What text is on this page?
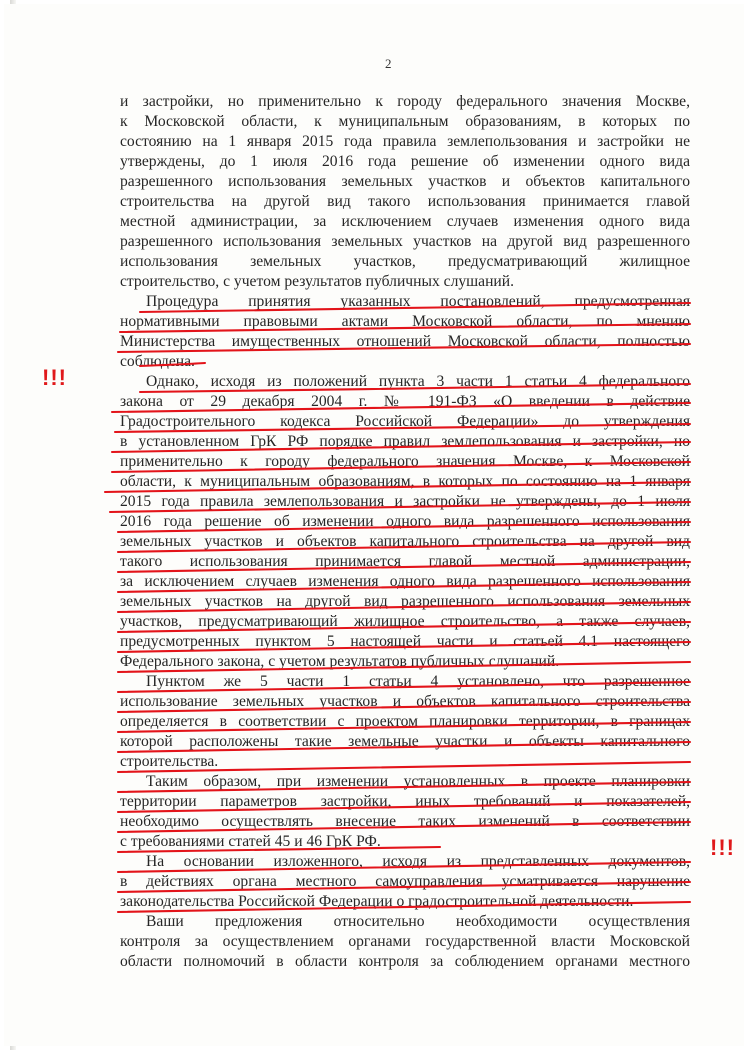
2
!!!
!!!
и застройки, но применительно к городу федерального значения Москве,
к Московской области, к муниципальным образованиям, в которых по
состоянию на 1 января 2015 года правила землепользования и застройки не
утверждены, до 1 июля 2016 года решение об изменении одного вида
разрешенного использования земельных участков и объектов капитального
строительства на другой вид такого использования принимается главой
местной администрации, за исключением случаев изменения одного вида
разрешенного использования земельных участков на другой вид разрешенного
использования земельных участков, предусматривающий жилищное
строительство, с учетом результатов публичных слушаний.
Процедура принятия указанных постановлений, предусмотренная
нормативными правовыми актами Московской области, по мнению
Министерства имущественных отношений Московской области, полностью
соблюдена.
Однако, исходя из положений пункта 3 части 1 статьи 4 федерального
закона от 29 декабря 2004 г. № 191-ФЗ «О введении в действие
Градостроительного кодекса Российской Федерации» до утверждения
в установленном ГрК РФ порядке правил землепользования и застройки, но
применительно к городу федерального значения Москве, к Московской
области, к муниципальным образованиям, в которых по состоянию на 1 января
2015 года правила землепользования и застройки не утверждены, до 1 июля
2016 года решение об изменении одного вида разрешенного использования
земельных участков и объектов капитального строительства на другой вид
такого использования принимается главой местной администрации,
за исключением случаев изменения одного вида разрешенного использования
земельных участков на другой вид разрешенного использования земельных
участков, предусматривающий жилищное строительство, а также случаев,
предусмотренных пунктом 5 настоящей части и статьей 4.1 настоящего
Федерального закона, с учетом результатов публичных слушаний.
Пунктом же 5 части 1 статьи 4 установлено, что разрешенное
использование земельных участков и объектов капитального строительства
определяется в соответствии с проектом планировки территории, в границах
которой расположены такие земельные участки и объекты капитального
строительства.
Таким образом, при изменении установленных в проекте планировки
территории параметров застройки, иных требований и показателей,
необходимо осуществлять внесение таких изменений в соответствии
с требованиями статей 45 и 46 ГрК РФ.
На основании изложенного, исходя из представленных документов,
в действиях органа местного самоуправления усматривается нарушение
законодательства Российской Федерации о градостроительной деятельности.
Ваши предложения относительно необходимости осуществления
контроля за осуществлением органами государственной власти Московской
области полномочий в области контроля за соблюдением органами местного
